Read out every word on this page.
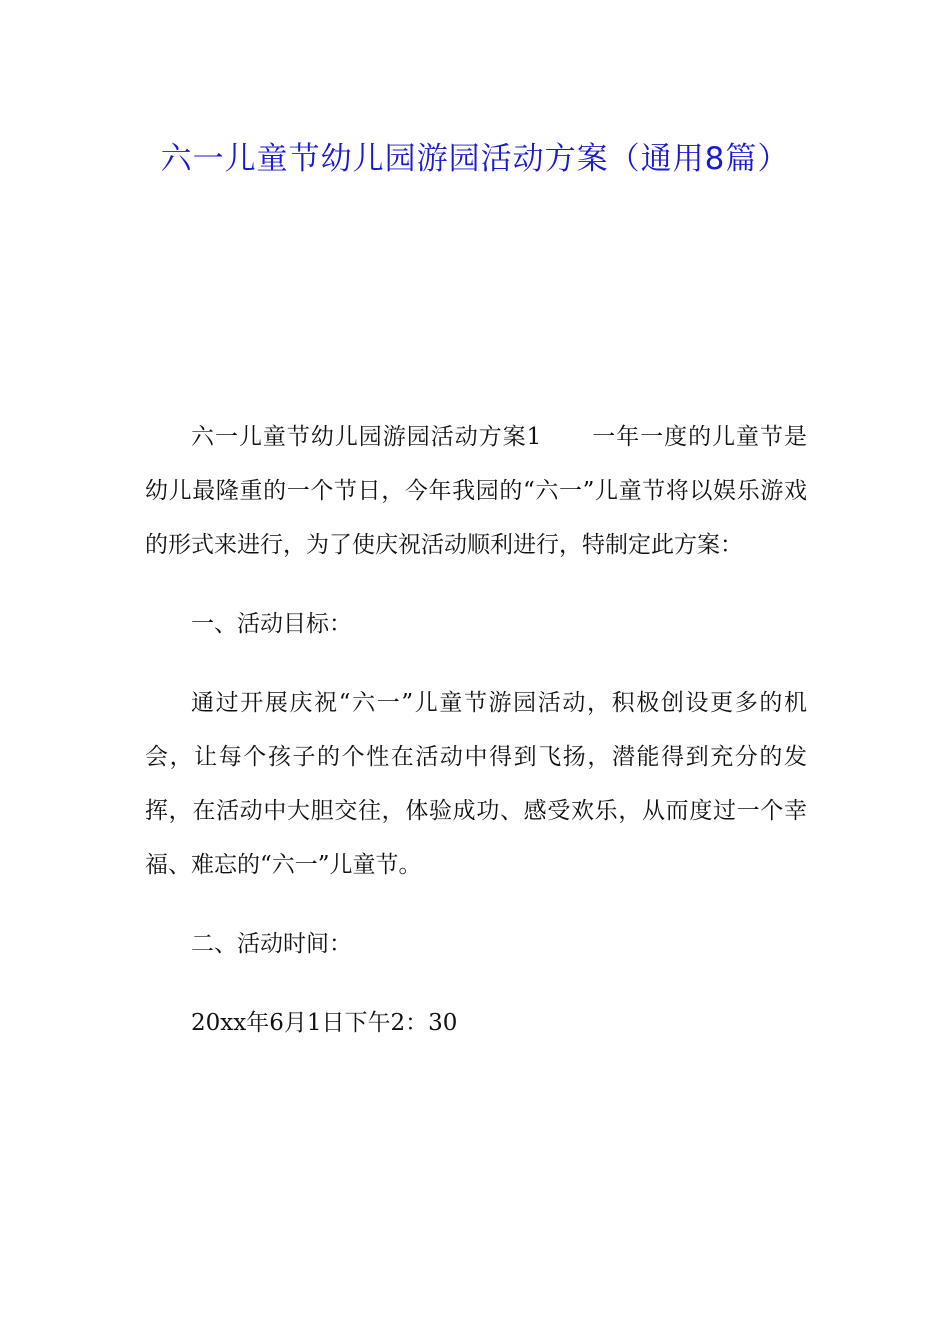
六一儿童节幼儿园游园活动方案（通用8篇）

六一儿童节幼儿园游园活动方案1 一年一度的儿童节是幼儿最隆重的一个节日，今年我园的“六一”儿童节将以娱乐游戏的形式来进行，为了使庆祝活动顺利进行，特制定此方案：

一、活动目标：

通过开展庆祝“六一”儿童节游园活动，积极创设更多的机会，让每个孩子的个性在活动中得到飞扬，潜能得到充分的发挥，在活动中大胆交往，体验成功、感受欢乐，从而度过一个幸福、难忘的“六一”儿童节。

二、活动时间：

20xx年6月1日下午2：30
